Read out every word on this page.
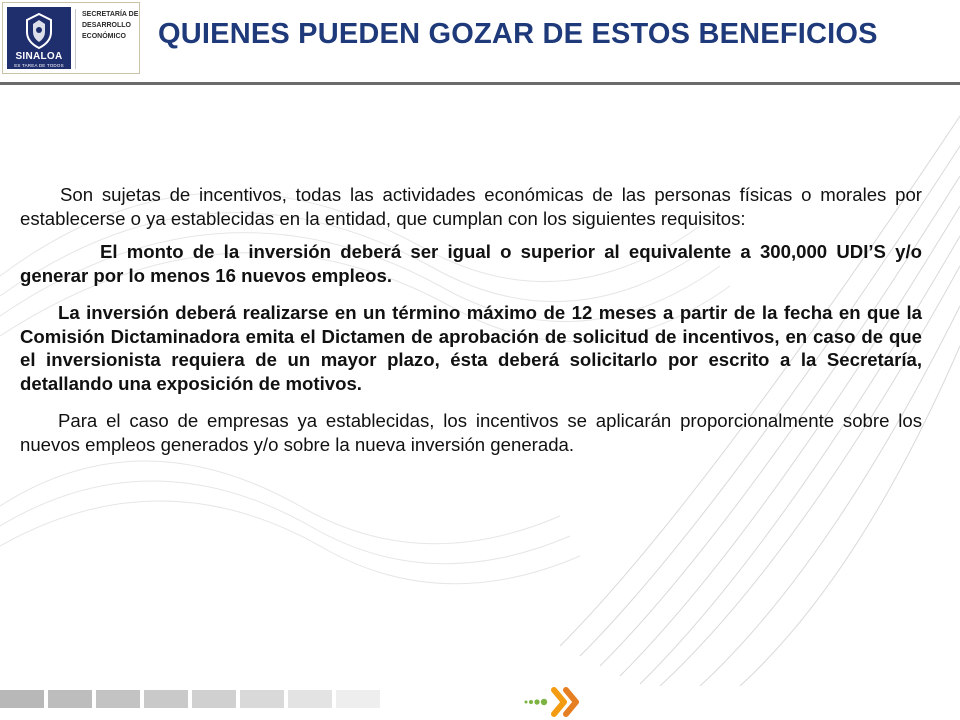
SINALOA
ES TAREA DE TODOS
SECRETARÍA DE
DESARROLLO
ECONÓMICO	QUIENES PUEDEN GOZAR DE ESTOS BENEFICIOS

Son sujetas de incentivos, todas las actividades económicas de las personas físicas o morales por establecerse o ya establecidas en la entidad, que cumplan con los siguientes requisitos:

El monto de la inversión deberá ser igual o superior al equivalente a 300,000 UDI’S y/o generar por lo menos 16 nuevos empleos.

La inversión deberá realizarse en un término máximo de 12 meses a partir de la fecha en que la Comisión Dictaminadora emita el Dictamen de aprobación de solicitud de incentivos, en caso de que el inversionista requiera de un mayor plazo, ésta deberá solicitarlo por escrito a la Secretaría, detallando una exposición de motivos.

Para el caso de empresas ya establecidas, los incentivos se aplicarán proporcionalmente sobre los nuevos empleos generados y/o sobre la nueva inversión generada.
